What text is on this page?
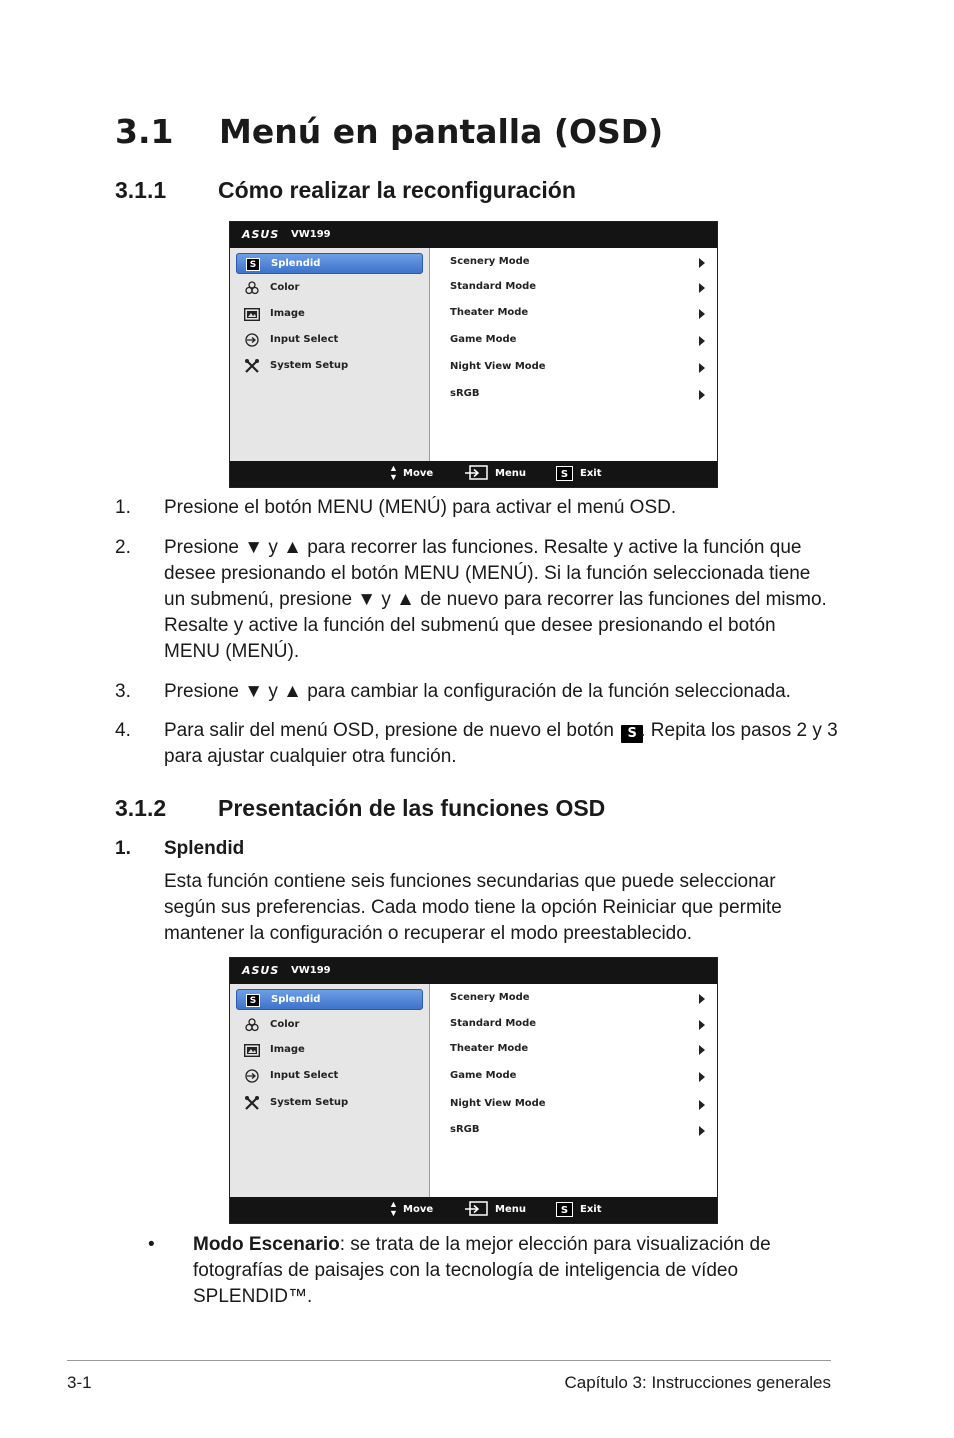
3.1 Menú en pantalla (OSD)
3.1.1 Cómo realizar la reconfiguración
ASUS VW199
S	Splendid
Color
Image
Input Select
System Setup
Scenery Mode
Standard Mode
Theater Mode
Game Mode
Night View Mode
sRGB
▲
▼ Move	Menu	S	Exit
1. Presione el botón MENU (MENÚ) para activar el menú OSD.
2. Presione ▼ y ▲ para recorrer las funciones. Resalte y active la función que desee presionando el botón MENU (MENÚ). Si la función seleccionada tiene un submenú, presione ▼ y ▲ de nuevo para recorrer las funciones del mismo. Resalte y active la función del submenú que desee presionando el botón MENU (MENÚ).
3. Presione ▼ y ▲ para cambiar la configuración de la función seleccionada.
4. Para salir del menú OSD, presione de nuevo el botón S . Repita los pasos 2 y 3 para ajustar cualquier otra función.
3.1.2 Presentación de las funciones OSD
1. Splendid
Esta función contiene seis funciones secundarias que puede seleccionar según sus preferencias. Cada modo tiene la opción Reiniciar que permite mantener la configuración o recuperar el modo preestablecido.
ASUS VW199
S	Splendid
Color
Image
Input Select
System Setup
Scenery Mode
Standard Mode
Theater Mode
Game Mode
Night View Mode
sRGB
▲
▼ Move	Menu	S	Exit
• Modo Escenario: se trata de la mejor elección para visualización de fotografías de paisajes con la tecnología de inteligencia de vídeo SPLENDID™.
3-1	Capítulo 3: Instrucciones generales
